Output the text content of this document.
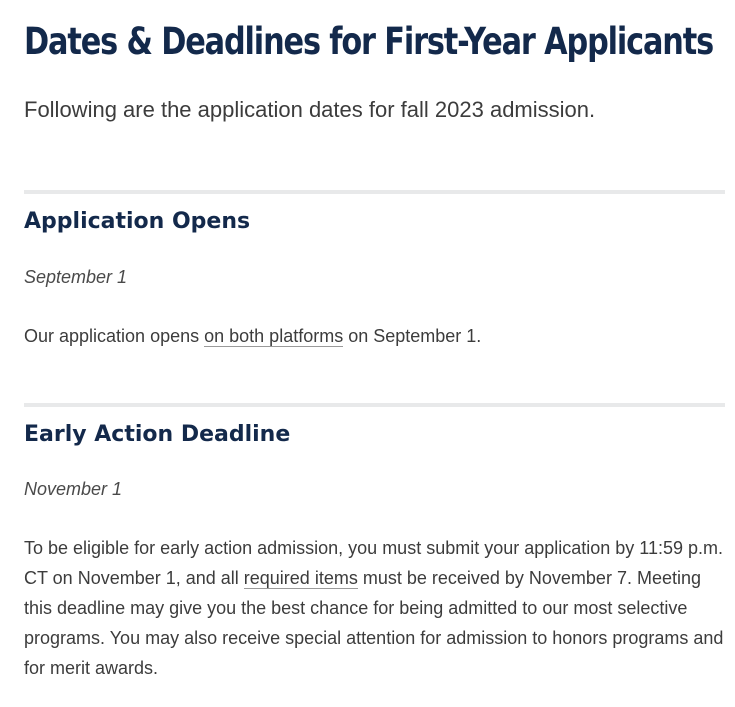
Dates & Deadlines for First-Year Applicants

Following are the application dates for fall 2023 admission.

Application Opens

September 1

Our application opens on both platforms on September 1.

Early Action Deadline

November 1

To be eligible for early action admission, you must submit your application by 11:59 p.m. CT on November 1, and all required items must be received by November 7. Meeting this deadline may give you the best chance for being admitted to our most selective programs. You may also receive special attention for admission to honors programs and for merit awards.
